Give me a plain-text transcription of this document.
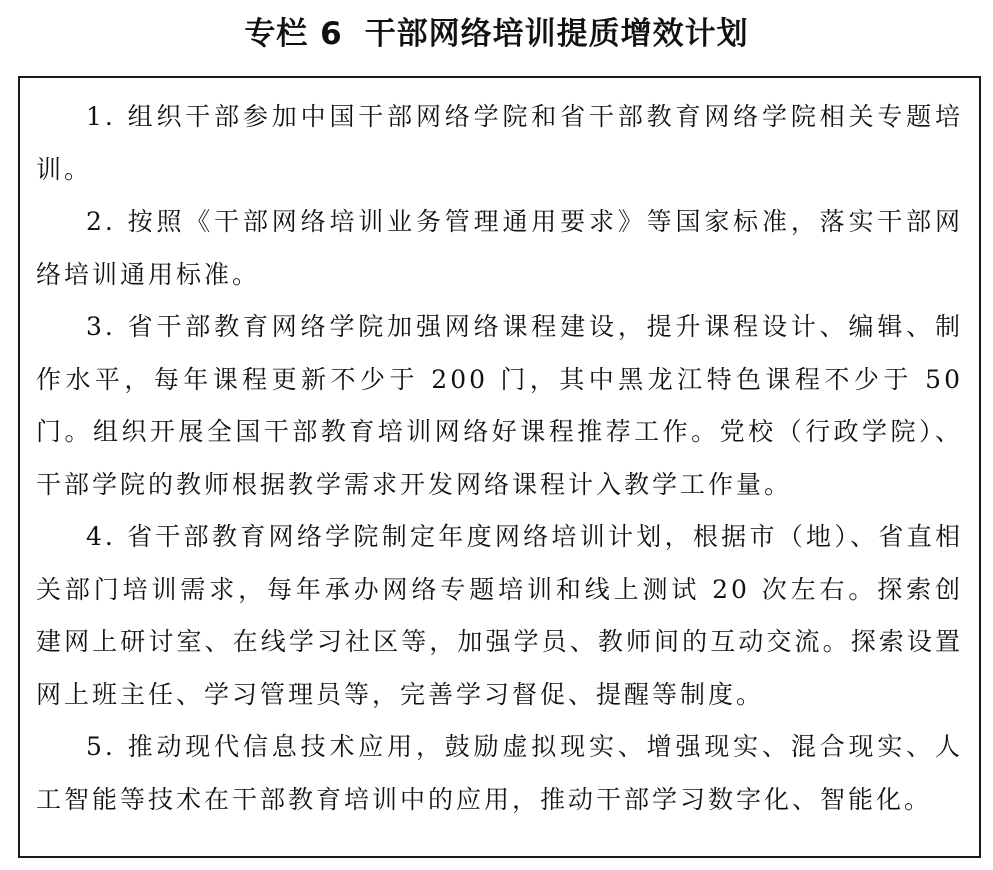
专栏 6 干部网络培训提质增效计划

1. 组织干部参加中国干部网络学院和省干部教育网络学院相关专题培训。

2. 按照《干部网络培训业务管理通用要求》等国家标准，落实干部网络培训通用标准。

3. 省干部教育网络学院加强网络课程建设，提升课程设计、编辑、制作水平，每年课程更新不少于 200 门，其中黑龙江特色课程不少于 50 门。组织开展全国干部教育培训网络好课程推荐工作。党校（行政学院）、干部学院的教师根据教学需求开发网络课程计入教学工作量。

4. 省干部教育网络学院制定年度网络培训计划，根据市（地）、省直相关部门培训需求，每年承办网络专题培训和线上测试 20 次左右。探索创建网上研讨室、在线学习社区等，加强学员、教师间的互动交流。探索设置网上班主任、学习管理员等，完善学习督促、提醒等制度。

5. 推动现代信息技术应用，鼓励虚拟现实、增强现实、混合现实、人工智能等技术在干部教育培训中的应用，推动干部学习数字化、智能化。
